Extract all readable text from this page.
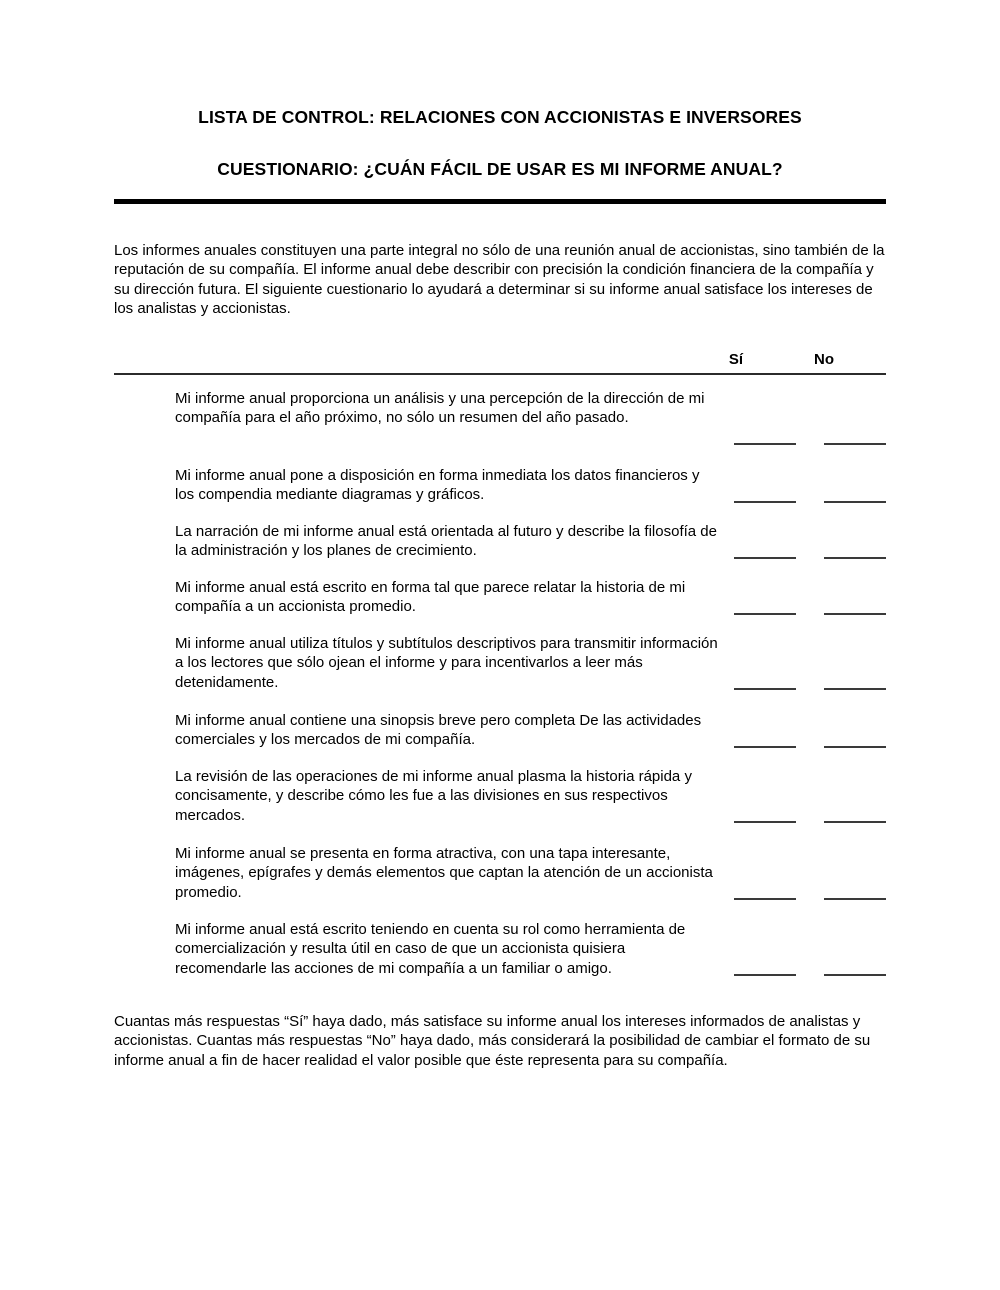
LISTA DE CONTROL: RELACIONES CON ACCIONISTAS E INVERSORES
CUESTIONARIO: ¿CUÁN FÁCIL DE USAR ES MI INFORME ANUAL?

Los informes anuales constituyen una parte integral no sólo de una reunión anual de accionistas, sino también de la reputación de su compañía. El informe anual debe describir con precisión la condición financiera de la compañía y su dirección futura. El siguiente cuestionario lo ayudará a determinar si su informe anual satisface los intereses de los analistas y accionistas.

Sí	No

Mi informe anual proporciona un análisis y una percepción de la dirección de mi compañía para el año próximo, no sólo un resumen del año pasado.

Mi informe anual pone a disposición en forma inmediata los datos financieros y los compendia mediante diagramas y gráficos.

La narración de mi informe anual está orientada al futuro y describe la filosofía de la administración y los planes de crecimiento.

Mi informe anual está escrito en forma tal que parece relatar la historia de mi compañía a un accionista promedio.

Mi informe anual utiliza títulos y subtítulos descriptivos para transmitir información a los lectores que sólo ojean el informe y para incentivarlos a leer más detenidamente.

Mi informe anual contiene una sinopsis breve pero completa De las actividades comerciales y los mercados de mi compañía.

La revisión de las operaciones de mi informe anual plasma la historia rápida y concisamente, y describe cómo les fue a las divisiones en sus respectivos mercados.

Mi informe anual se presenta en forma atractiva, con una tapa interesante, imágenes, epígrafes y demás elementos que captan la atención de un accionista promedio.

Mi informe anual está escrito teniendo en cuenta su rol como herramienta de comercialización y resulta útil en caso de que un accionista quisiera recomendarle las acciones de mi compañía a un familiar o amigo.

Cuantas más respuestas “Sí” haya dado, más satisface su informe anual los intereses informados de analistas y accionistas. Cuantas más respuestas “No” haya dado, más considerará la posibilidad de cambiar el formato de su informe anual a fin de hacer realidad el valor posible que éste representa para su compañía.
